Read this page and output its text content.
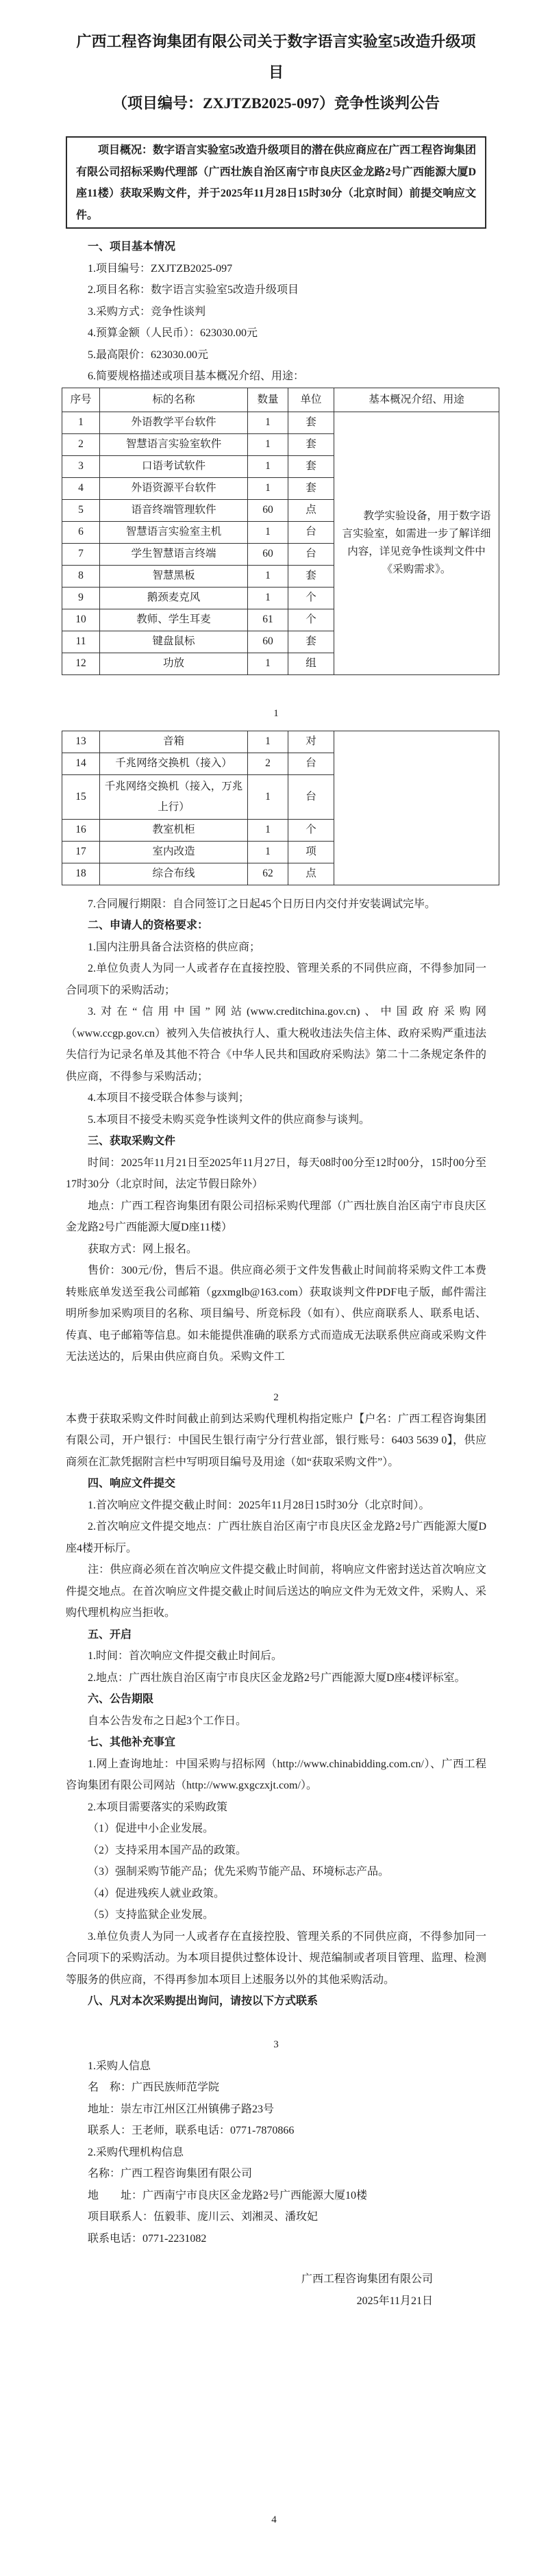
广西工程咨询集团有限公司关于数字语言实验室5改造升级项目
（项目编号：ZXJTZB2025-097）竞争性谈判公告

项目概况：数字语言实验室5改造升级项目的潜在供应商应在广西工程咨询集团有限公司招标采购代理部（广西壮族自治区南宁市良庆区金龙路2号广西能源大厦D座11楼）获取采购文件，并于2025年11月28日15时30分（北京时间）前提交响应文件。

一、项目基本情况

1.项目编号：ZXJTZB2025-097

2.项目名称：数字语言实验室5改造升级项目

3.采购方式：竞争性谈判

4.预算金额（人民币）：623030.00元

5.最高限价：623030.00元

6.简要规格描述或项目基本概况介绍、用途：

序号	标的名称	数量	单位	基本概况介绍、用途
1	外语教学平台软件	1	套	教学实验设备，用于数字语言实验室，如需进一步了解详细内容，详见竞争性谈判文件中《采购需求》。
2	智慧语言实验室软件	1	套	
3	口语考试软件	1	套	
4	外语资源平台软件	1	套	
5	语音终端管理软件	60	点	
6	智慧语言实验室主机	1	台	
7	学生智慧语言终端	60	台	
8	智慧黑板	1	套	
9	鹅颈麦克风	1	个	
10	教师、学生耳麦	61	个	
11	键盘鼠标	60	套	
12	功放	1	组	

1

13	音箱	1	对	
14	千兆网络交换机（接入）	2	台	
15	千兆网络交换机（接入，万兆上行）	1	台	
16	教室机柜	1	个	
17	室内改造	1	项	
18	综合布线	62	点	

7.合同履行期限：自合同签订之日起45个日历日内交付并安装调试完毕。

二、申请人的资格要求：

1.国内注册具备合法资格的供应商；

2.单位负责人为同一人或者存在直接控股、管理关系的不同供应商，不得参加同一合同项下的采购活动；

3.对在“信用中国”网站(www.creditchina.gov.cn)、中国政府采购网（www.ccgp.gov.cn）被列入失信被执行人、重大税收违法失信主体、政府采购严重违法失信行为记录名单及其他不符合《中华人民共和国政府采购法》第二十二条规定条件的供应商，不得参与采购活动；

4.本项目不接受联合体参与谈判；

5.本项目不接受未购买竞争性谈判文件的供应商参与谈判。

三、获取采购文件

时间：2025年11月21日至2025年11月27日，每天08时00分至12时00分，15时00分至17时30分（北京时间，法定节假日除外）

地点：广西工程咨询集团有限公司招标采购代理部（广西壮族自治区南宁市良庆区金龙路2号广西能源大厦D座11楼）

获取方式：网上报名。

售价：300元/份，售后不退。供应商必须于文件发售截止时间前将采购文件工本费转账底单发送至我公司邮箱（gzxmglb@163.com）获取谈判文件PDF电子版，邮件需注明所参加采购项目的名称、项目编号、所竞标段（如有）、供应商联系人、联系电话、传真、电子邮箱等信息。如未能提供准确的联系方式而造成无法联系供应商或采购文件无法送达的，后果由供应商自负。采购文件工

2

本费于获取采购文件时间截止前到达采购代理机构指定账户【户名：广西工程咨询集团有限公司，开户银行：中国民生银行南宁分行营业部，银行账号：6403 5639 0】，供应商须在汇款凭据附言栏中写明项目编号及用途（如“获取采购文件”）。

四、响应文件提交

1.首次响应文件提交截止时间：2025年11月28日15时30分（北京时间）。

2.首次响应文件提交地点：广西壮族自治区南宁市良庆区金龙路2号广西能源大厦D座4楼开标厅。

注：供应商必须在首次响应文件提交截止时间前，将响应文件密封送达首次响应文件提交地点。在首次响应文件提交截止时间后送达的响应文件为无效文件，采购人、采购代理机构应当拒收。

五、开启

1.时间：首次响应文件提交截止时间后。

2.地点：广西壮族自治区南宁市良庆区金龙路2号广西能源大厦D座4楼评标室。

六、公告期限

自本公告发布之日起3个工作日。

七、其他补充事宜

1.网上查询地址：中国采购与招标网（http://www.chinabidding.com.cn/）、广西工程咨询集团有限公司网站（http://www.gxgczxjt.com/）。

2.本项目需要落实的采购政策

（1）促进中小企业发展。

（2）支持采用本国产品的政策。

（3）强制采购节能产品；优先采购节能产品、环境标志产品。

（4）促进残疾人就业政策。

（5）支持监狱企业发展。

3.单位负责人为同一人或者存在直接控股、管理关系的不同供应商，不得参加同一合同项下的采购活动。为本项目提供过整体设计、规范编制或者项目管理、监理、检测等服务的供应商，不得再参加本项目上述服务以外的其他采购活动。

八、凡对本次采购提出询问，请按以下方式联系

3

1.采购人信息

名　称：广西民族师范学院

地址：崇左市江州区江州镇佛子路23号

联系人：王老师，联系电话：0771-7870866

2.采购代理机构信息

名称：广西工程咨询集团有限公司

地　　址：广西南宁市良庆区金龙路2号广西能源大厦10楼

项目联系人：伍毅菲、庞川云、刘湘灵、潘玫妃

联系电话：0771-2231082

广西工程咨询集团有限公司

2025年11月21日

4
